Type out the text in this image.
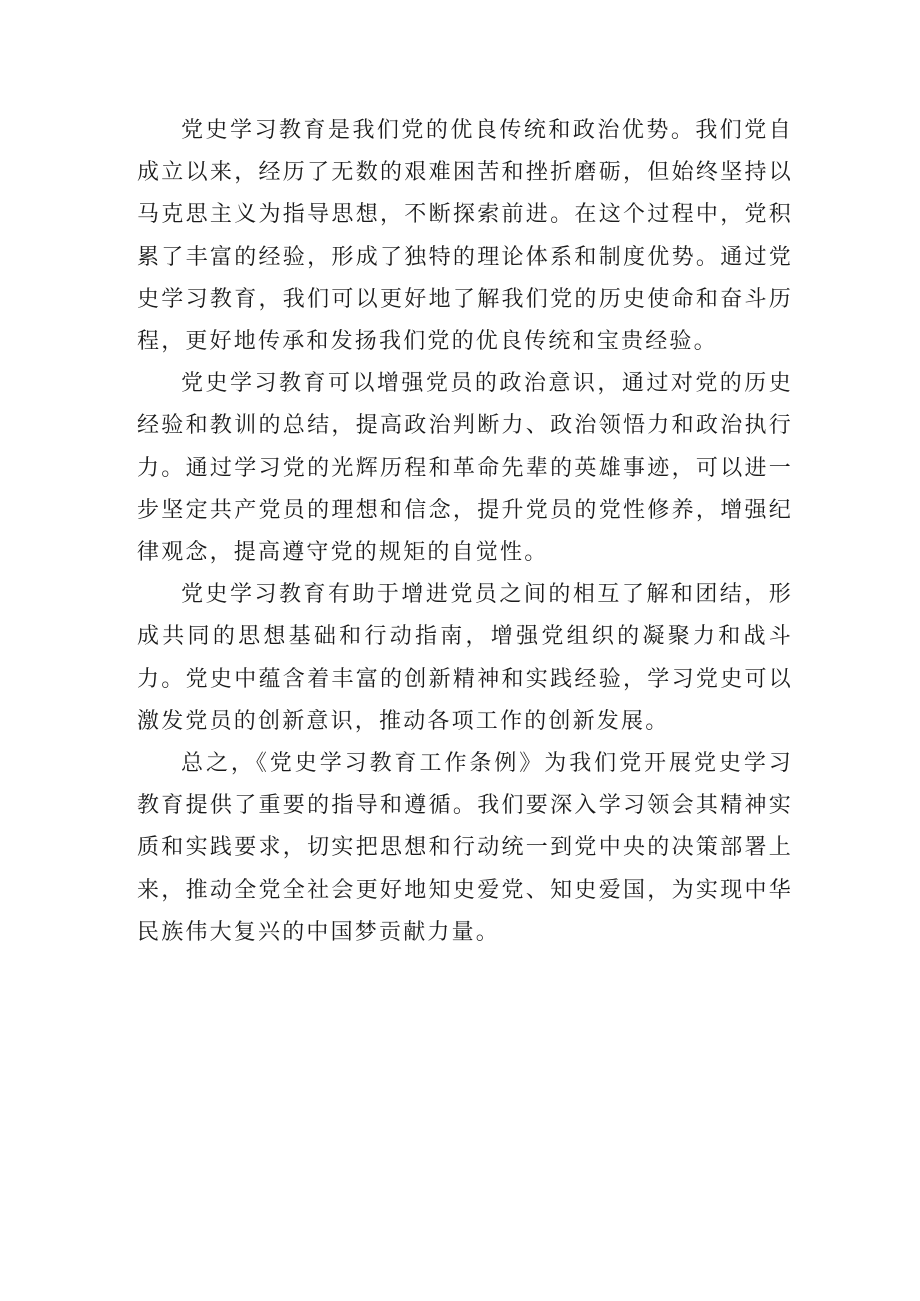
党史学习教育是我们党的优良传统和政治优势。我们党自成立以来，经历了无数的艰难困苦和挫折磨砺，但始终坚持以马克思主义为指导思想，不断探索前进。在这个过程中，党积累了丰富的经验，形成了独特的理论体系和制度优势。通过党史学习教育，我们可以更好地了解我们党的历史使命和奋斗历程，更好地传承和发扬我们党的优良传统和宝贵经验。

党史学习教育可以增强党员的政治意识，通过对党的历史经验和教训的总结，提高政治判断力、政治领悟力和政治执行力。通过学习党的光辉历程和革命先辈的英雄事迹，可以进一步坚定共产党员的理想和信念，提升党员的党性修养，增强纪律观念，提高遵守党的规矩的自觉性。

党史学习教育有助于增进党员之间的相互了解和团结，形成共同的思想基础和行动指南，增强党组织的凝聚力和战斗力。党史中蕴含着丰富的创新精神和实践经验，学习党史可以激发党员的创新意识，推动各项工作的创新发展。

总之，《党史学习教育工作条例》为我们党开展党史学习教育提供了重要的指导和遵循。我们要深入学习领会其精神实质和实践要求，切实把思想和行动统一到党中央的决策部署上来，推动全党全社会更好地知史爱党、知史爱国，为实现中华民族伟大复兴的中国梦贡献力量。
